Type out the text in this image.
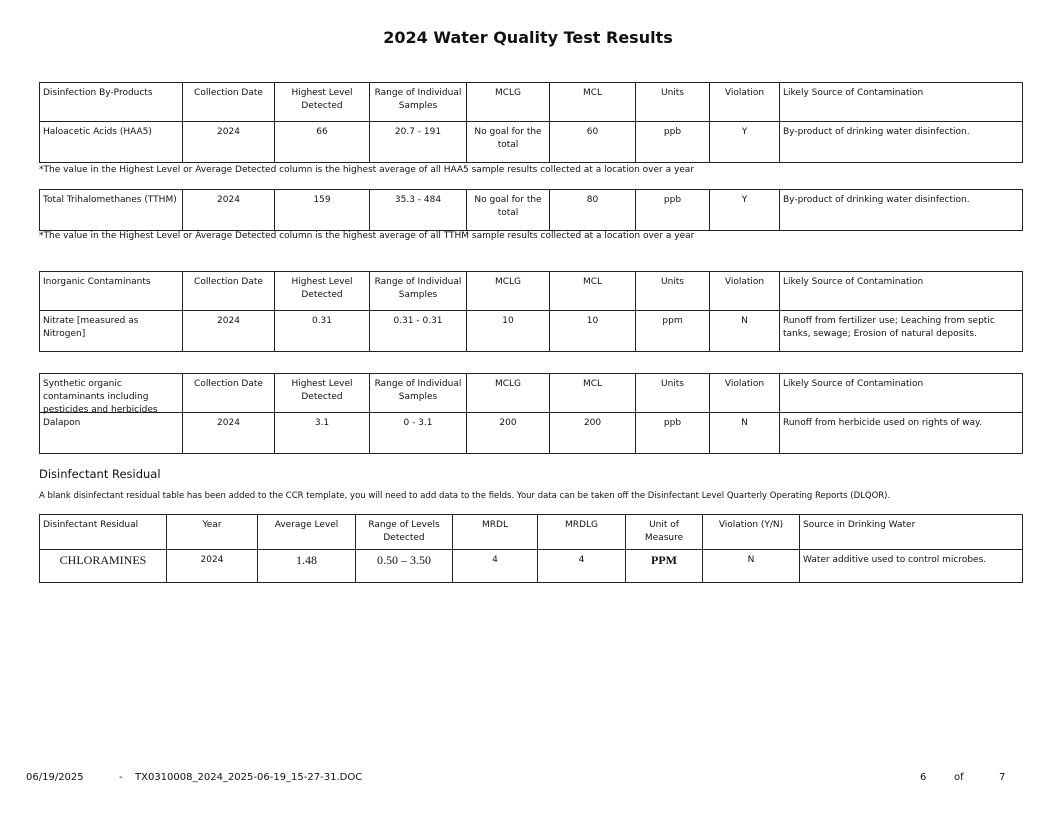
2024 Water Quality Test Results
Disinfection By-Products	Collection Date	Highest Level Detected	Range of Individual Samples	MCLG	MCL	Units	Violation	Likely Source of Contamination
Haloacetic Acids (HAA5)	2024	66	20.7 - 191	No goal for the total	60	ppb	Y	By-product of drinking water disinfection.
*The value in the Highest Level or Average Detected column is the highest average of all HAA5 sample results collected at a location over a year
Total Trihalomethanes (TTHM)	2024	159	35.3 - 484	No goal for the total	80	ppb	Y	By-product of drinking water disinfection.
*The value in the Highest Level or Average Detected column is the highest average of all TTHM sample results collected at a location over a year
Inorganic Contaminants	Collection Date	Highest Level Detected	Range of Individual Samples	MCLG	MCL	Units	Violation	Likely Source of Contamination
Nitrate [measured as Nitrogen]	2024	0.31	0.31 - 0.31	10	10	ppm	N	Runoff from fertilizer use; Leaching from septic tanks, sewage; Erosion of natural deposits.
Synthetic organic contaminants including pesticides and herbicides	Collection Date	Highest Level Detected	Range of Individual Samples	MCLG	MCL	Units	Violation	Likely Source of Contamination
Dalapon	2024	3.1	0 - 3.1	200	200	ppb	N	Runoff from herbicide used on rights of way.
Disinfectant Residual
A blank disinfectant residual table has been added to the CCR template, you will need to add data to the fields. Your data can be taken off the Disinfectant Level Quarterly Operating Reports (DLQOR).
Disinfectant Residual	Year	Average Level	Range of Levels Detected	MRDL	MRDLG	Unit of Measure	Violation (Y/N)	Source in Drinking Water
CHLORAMINES	2024	1.48	0.50 – 3.50	4	4	PPM	N	Water additive used to control microbes.
06/19/2025	- TX0310008_2024_2025-06-19_15-27-31.DOC	6	of	7
